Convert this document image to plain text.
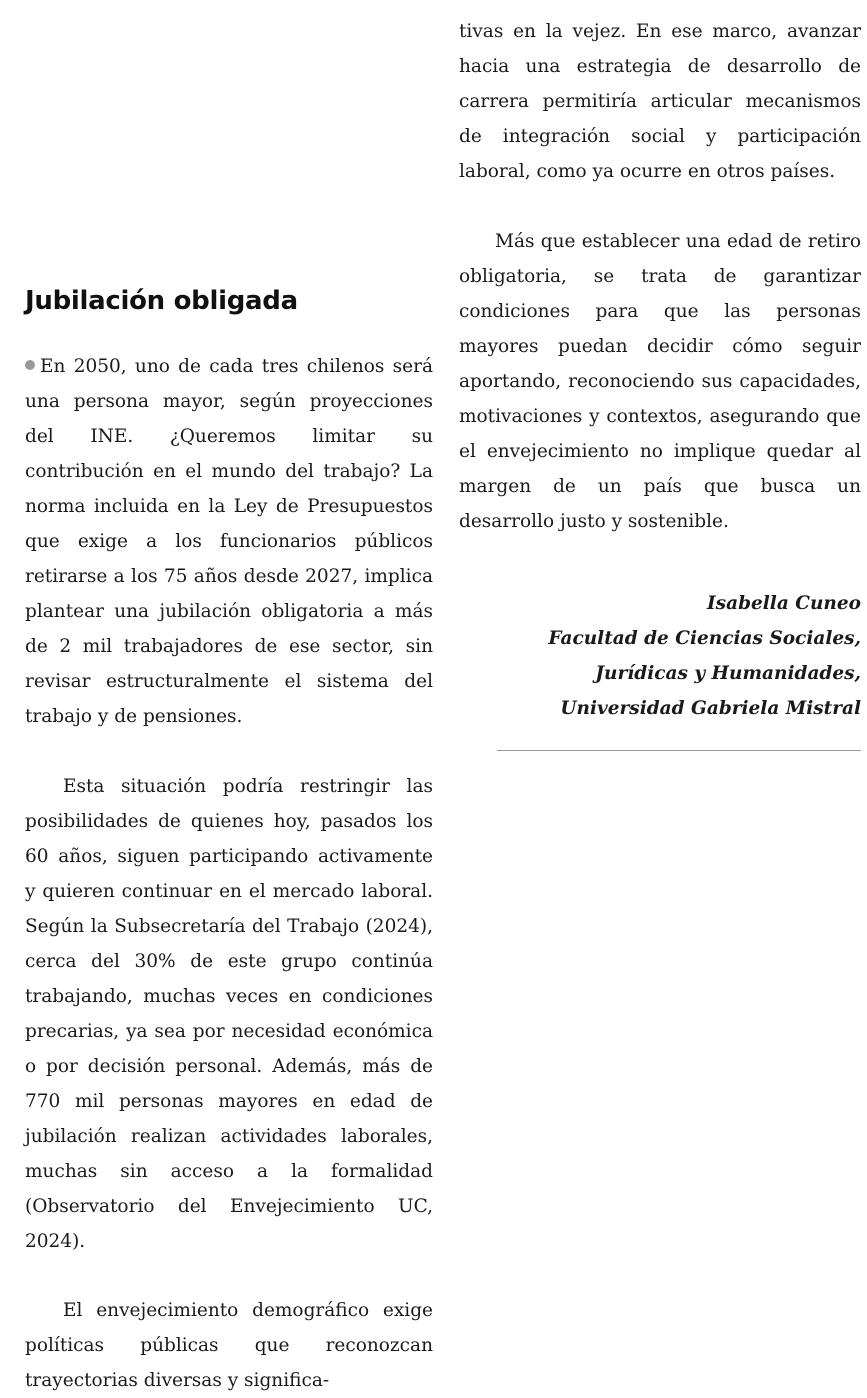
Jubilación obligada

En 2050, uno de cada tres chilenos será una persona mayor, según proyecciones del INE. ¿Queremos limitar su contribución en el mundo del trabajo? La norma incluida en la Ley de Presupuestos que exige a los funcionarios públicos retirarse a los 75 años desde 2027, implica plantear una jubilación obligatoria a más de 2 mil trabajadores de ese sector, sin revisar estructuralmente el sistema del trabajo y de pensiones.

Esta situación podría restringir las posibilidades de quienes hoy, pasados los 60 años, siguen participando activamente y quieren continuar en el mercado laboral. Según la Subsecretaría del Trabajo (2024), cerca del 30% de este grupo continúa trabajando, muchas veces en condiciones precarias, ya sea por necesidad económica o por decisión personal. Además, más de 770 mil personas mayores en edad de jubilación realizan actividades laborales, muchas sin acceso a la formalidad (Observatorio del Envejecimiento UC, 2024).

El envejecimiento demográfico exige políticas públicas que reconozcan trayectorias diversas y significa-

tivas en la vejez. En ese marco, avanzar hacia una estrategia de desarrollo de carrera permitiría articular mecanismos de integración social y participación laboral, como ya ocurre en otros países.

Más que establecer una edad de retiro obligatoria, se trata de garantizar condiciones para que las personas mayores puedan decidir cómo seguir aportando, reconociendo sus capacidades, motivaciones y contextos, asegurando que el envejecimiento no implique quedar al margen de un país que busca un desarrollo justo y sostenible.

Isabella Cuneo
Facultad de Ciencias Sociales,
Jurídicas y Humanidades,
Universidad Gabriela Mistral
